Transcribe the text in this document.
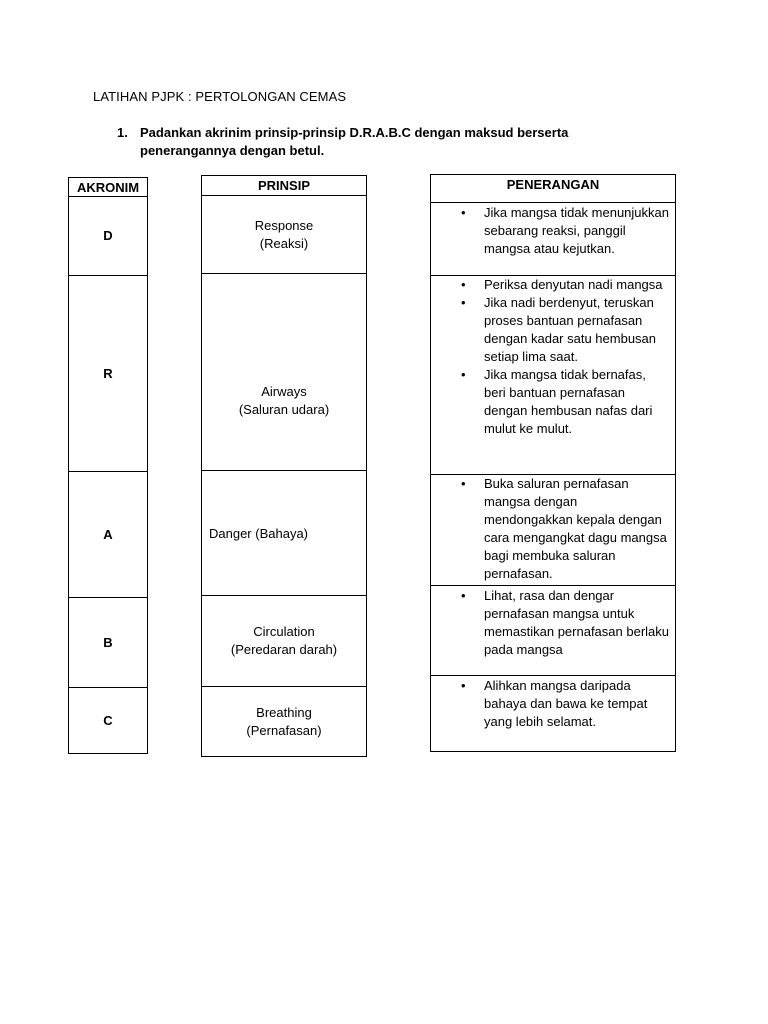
LATIHAN PJPK : PERTOLONGAN CEMAS
1. Padankan akrinim prinsip-prinsip D.R.A.B.C dengan maksud berserta penerangannya dengan betul.
AKRONIM
D
R
A
B
C
PRINSIP
Response
(Reaksi)
Airways
(Saluran udara)
Danger (Bahaya)
Circulation
(Peredaran darah)
Breathing
(Pernafasan)
PENERANGAN
• Jika mangsa tidak menunjukkan sebarang reaksi, panggil mangsa atau kejutkan.
• Periksa denyutan nadi mangsa
• Jika nadi berdenyut, teruskan proses bantuan pernafasan dengan kadar satu hembusan setiap lima saat.
• Jika mangsa tidak bernafas, beri bantuan pernafasan dengan hembusan nafas dari mulut ke mulut.
• Buka saluran pernafasan mangsa dengan mendongakkan kepala dengan cara mengangkat dagu mangsa bagi membuka saluran pernafasan.
• Lihat, rasa dan dengar pernafasan mangsa untuk memastikan pernafasan berlaku pada mangsa
• Alihkan mangsa daripada bahaya dan bawa ke tempat yang lebih selamat.
